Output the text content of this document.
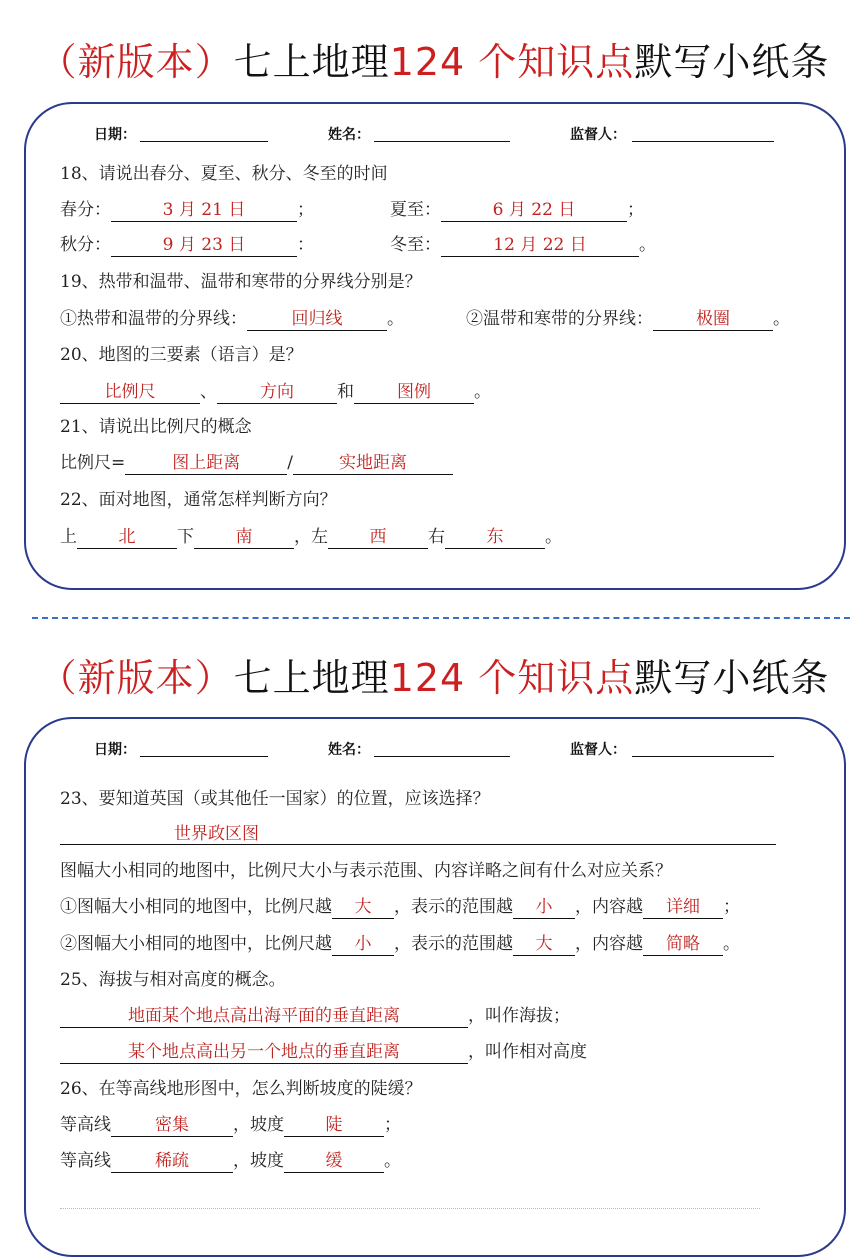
（新版本）七上地理124 个知识点默写小纸条
日期：	姓名：	监督人：
18、请说出春分、夏至、秋分、冬至的时间
春分：	3 月 21 日	；	夏至：	6 月 22 日	；
秋分：	9 月 23 日	：	冬至：	12 月 22 日	。
19、热带和温带、温带和寒带的分界线分别是？
①热带和温带的分界线：	回归线	。	②温带和寒带的分界线：	极圈	。
20、地图的三要素（语言）是？
比例尺	、	方向	和	图例	。
21、请说出比例尺的概念
比例尺=	图上距离	/	实地距离
22、面对地图，通常怎样判断方向？
上 北 下 南 ，左 西 右 东 。
（新版本）七上地理124 个知识点默写小纸条
日期：	姓名：	监督人：
23、要知道英国（或其他任一国家）的位置，应该选择？
世界政区图
图幅大小相同的地图中，比例尺大小与表示范围、内容详略之间有什么对应关系？
①图幅大小相同的地图中，比例尺越 大 ，表示的范围越 小 ，内容越 详细 ；
②图幅大小相同的地图中，比例尺越 小 ，表示的范围越 大 ，内容越 简略 。
25、海拔与相对高度的概念。
地面某个地点高出海平面的垂直距离	，叫作海拔；
某个地点高出另一个地点的垂直距离	，叫作相对高度
26、在等高线地形图中，怎么判断坡度的陡缓？
等高线	密集	，坡度 陡 ；
等高线	稀疏	，坡度 缓 。
